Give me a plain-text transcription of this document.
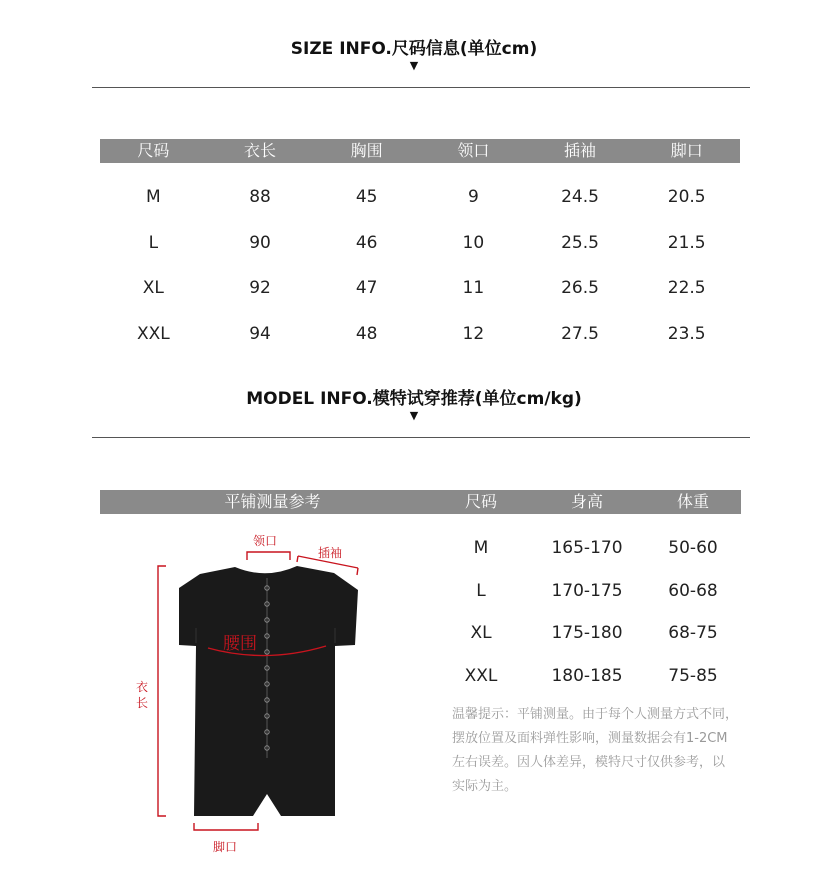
SIZE INFO.尺码信息(单位cm)
▼
尺码	衣长	胸围	领口	插袖	脚口
M	88	45	9	24.5	20.5
L	90	46	10	25.5	21.5
XL	92	47	11	26.5	22.5
XXL	94	48	12	27.5	23.5
MODEL INFO.模特试穿推荐(单位cm/kg)
▼
平铺测量参考	尺码	身高	体重
M	165-170	50-60
L	170-175	60-68
XL	175-180	68-75
XXL	180-185	75-85
温馨提示：平铺测量。由于每个人测量方式不同，
摆放位置及面料弹性影响，测量数据会有1-2CM
左右误差。因人体差异，模特尺寸仅供参考，以
实际为主。
领口
插袖
腰围
衣
长
脚口
